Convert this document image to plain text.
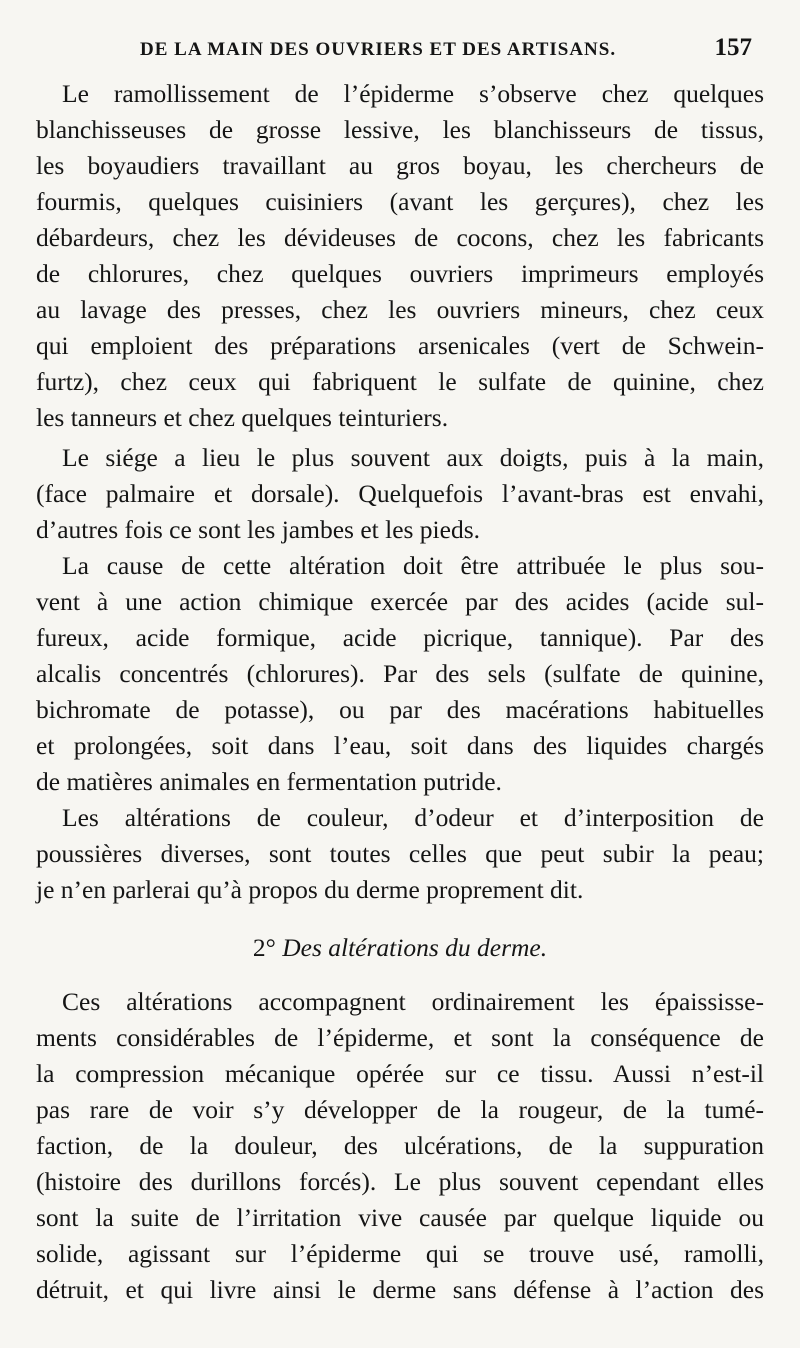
DE LA MAIN DES OUVRIERS ET DES ARTISANS.	157
Le ramollissement de l’épiderme s’observe chez quelques
blanchisseuses de grosse lessive, les blanchisseurs de tissus,
les boyaudiers travaillant au gros boyau, les chercheurs de
fourmis, quelques cuisiniers (avant les gerçures), chez les
débardeurs, chez les dévideuses de cocons, chez les fabricants
de chlorures, chez quelques ouvriers imprimeurs employés
au lavage des presses, chez les ouvriers mineurs, chez ceux
qui emploient des préparations arsenicales (vert de Schwein-
furtz), chez ceux qui fabriquent le sulfate de quinine, chez
les tanneurs et chez quelques teinturiers.
Le siége a lieu le plus souvent aux doigts, puis à la main,
(face palmaire et dorsale). Quelquefois l’avant-bras est envahi,
d’autres fois ce sont les jambes et les pieds.
La cause de cette altération doit être attribuée le plus sou-
vent à une action chimique exercée par des acides (acide sul-
fureux, acide formique, acide picrique, tannique). Par des
alcalis concentrés (chlorures). Par des sels (sulfate de quinine,
bichromate de potasse), ou par des macérations habituelles
et prolongées, soit dans l’eau, soit dans des liquides chargés
de matières animales en fermentation putride.
Les altérations de couleur, d’odeur et d’interposition de
poussières diverses, sont toutes celles que peut subir la peau;
je n’en parlerai qu’à propos du derme proprement dit.
2° Des altérations du derme.
Ces altérations accompagnent ordinairement les épaississe-
ments considérables de l’épiderme, et sont la conséquence de
la compression mécanique opérée sur ce tissu. Aussi n’est-il
pas rare de voir s’y développer de la rougeur, de la tumé-
faction, de la douleur, des ulcérations, de la suppuration
(histoire des durillons forcés). Le plus souvent cependant elles
sont la suite de l’irritation vive causée par quelque liquide ou
solide, agissant sur l’épiderme qui se trouve usé, ramolli,
détruit, et qui livre ainsi le derme sans défense à l’action des
